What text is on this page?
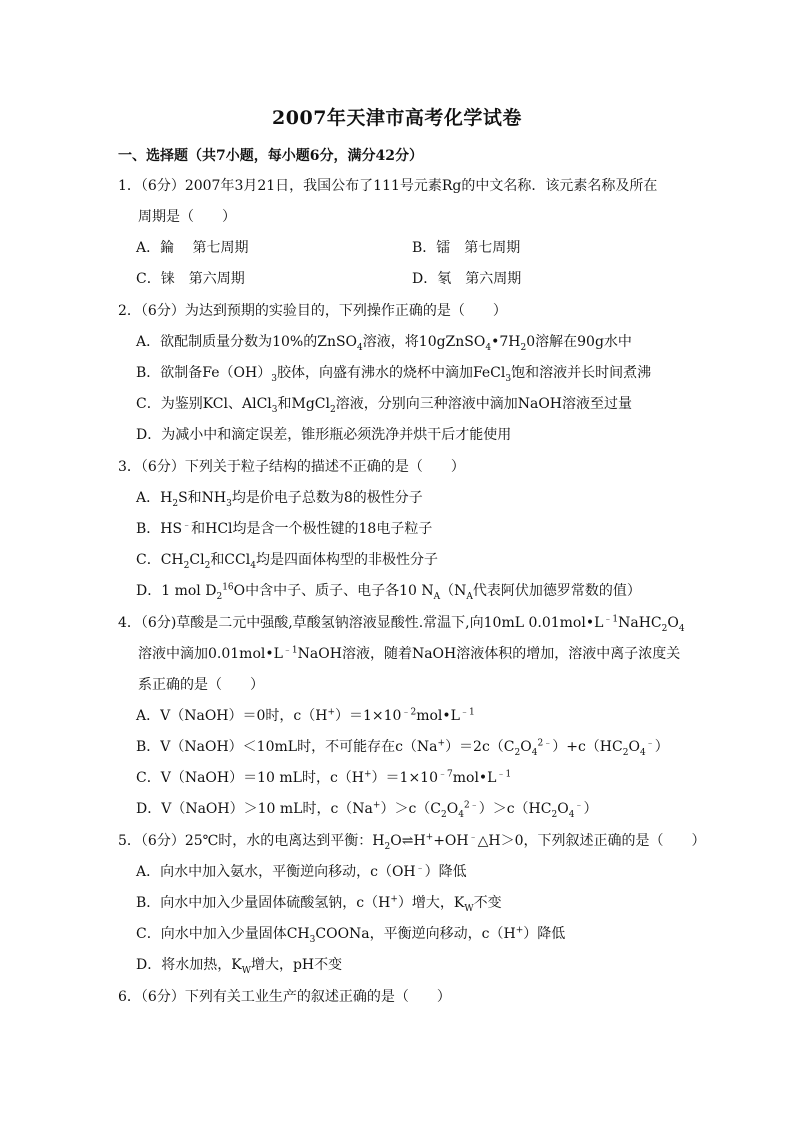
2007年天津市高考化学试卷
一、选择题（共7小题，每小题6分，满分42分）
1．（6分）2007年3月21日，我国公布了111号元素Rg的中文名称．该元素名称及所在
周期是（　　）
A．錀　 第七周期	B．镭　第七周期
C．铼　第六周期	D．氡　第六周期
2．（6分）为达到预期的实验目的，下列操作正确的是（　　）
A．欲配制质量分数为10%的ZnSO$_4$溶液，将$10gZnSO_4•7H_20$溶解在90g水中
B．欲制备$Fe(OH)_3$胶体，向盛有沸水的烧杯中滴加FeCl$_3$饱和溶液并长时间煮沸
C．为鉴别KCl、AlCl$_3$和MgCl$_2$溶液，分别向三种溶液中滴加NaOH溶液至过量
D．为减小中和滴定误差，锥形瓶必须洗净并烘干后才能使用
3．（6分）下列关于粒子结构的描述不正确的是（　　）
A．$H_2S$和$NH_3$均是价电子总数为8的极性分子
B．HS﹣和HCl均是含一个极性键的18电子粒子
C．$CH_2Cl_2$和CCl$_4$均是四面体构型的非极性分子
D．1 mol $D_2^{16}O$中含中子、质子、电子各10 $N_A(N_A$代表阿伏加德罗常数的值）
4．（6分)草酸是二元中强酸,草酸氢钠溶液显酸性.常温下,向10mL $0.01mol•L^{﹣1}NaHC_2O_4$
溶液中滴加$0.01mol•L^{﹣1}NaOH$溶液，随着NaOH溶液体积的增加，溶液中离子浓度关
系正确的是（　　）
A．V（NaOH）＝0时，$c(H^+)=1\times 10^{﹣2}mol•L^{﹣1}$
B．V（NaOH）＜10mL时，不可能存在$c(Na^+)=2c(C_2O_4^{2﹣})+c(HC_2O_4^﹣)$
C．V（NaOH）＝10 mL时，$c(H^+)=1\times 10^{﹣7}mol•L^{﹣1}$
D．V（NaOH）＞10 mL时，$c(Na^+)>c(C_2O_4^{2﹣})>c(HC_2O_4^﹣)$
5．（6分）25℃时，水的电离达到平衡：$H_2O\rightleftharpoons H^++OH^﹣\triangle H>0$，下列叙述正确的是（　　）
A．向水中加入氨水，平衡逆向移动，c（OH﹣）降低
B．向水中加入少量固体硫酸氢钠，c（H+）增大，$K_W$不变
C．向水中加入少量固体$CH_3COONa$，平衡逆向移动，c（H+）降低
D．将水加热，$K_W$增大，pH不变
6．（6分）下列有关工业生产的叙述正确的是（　　）
